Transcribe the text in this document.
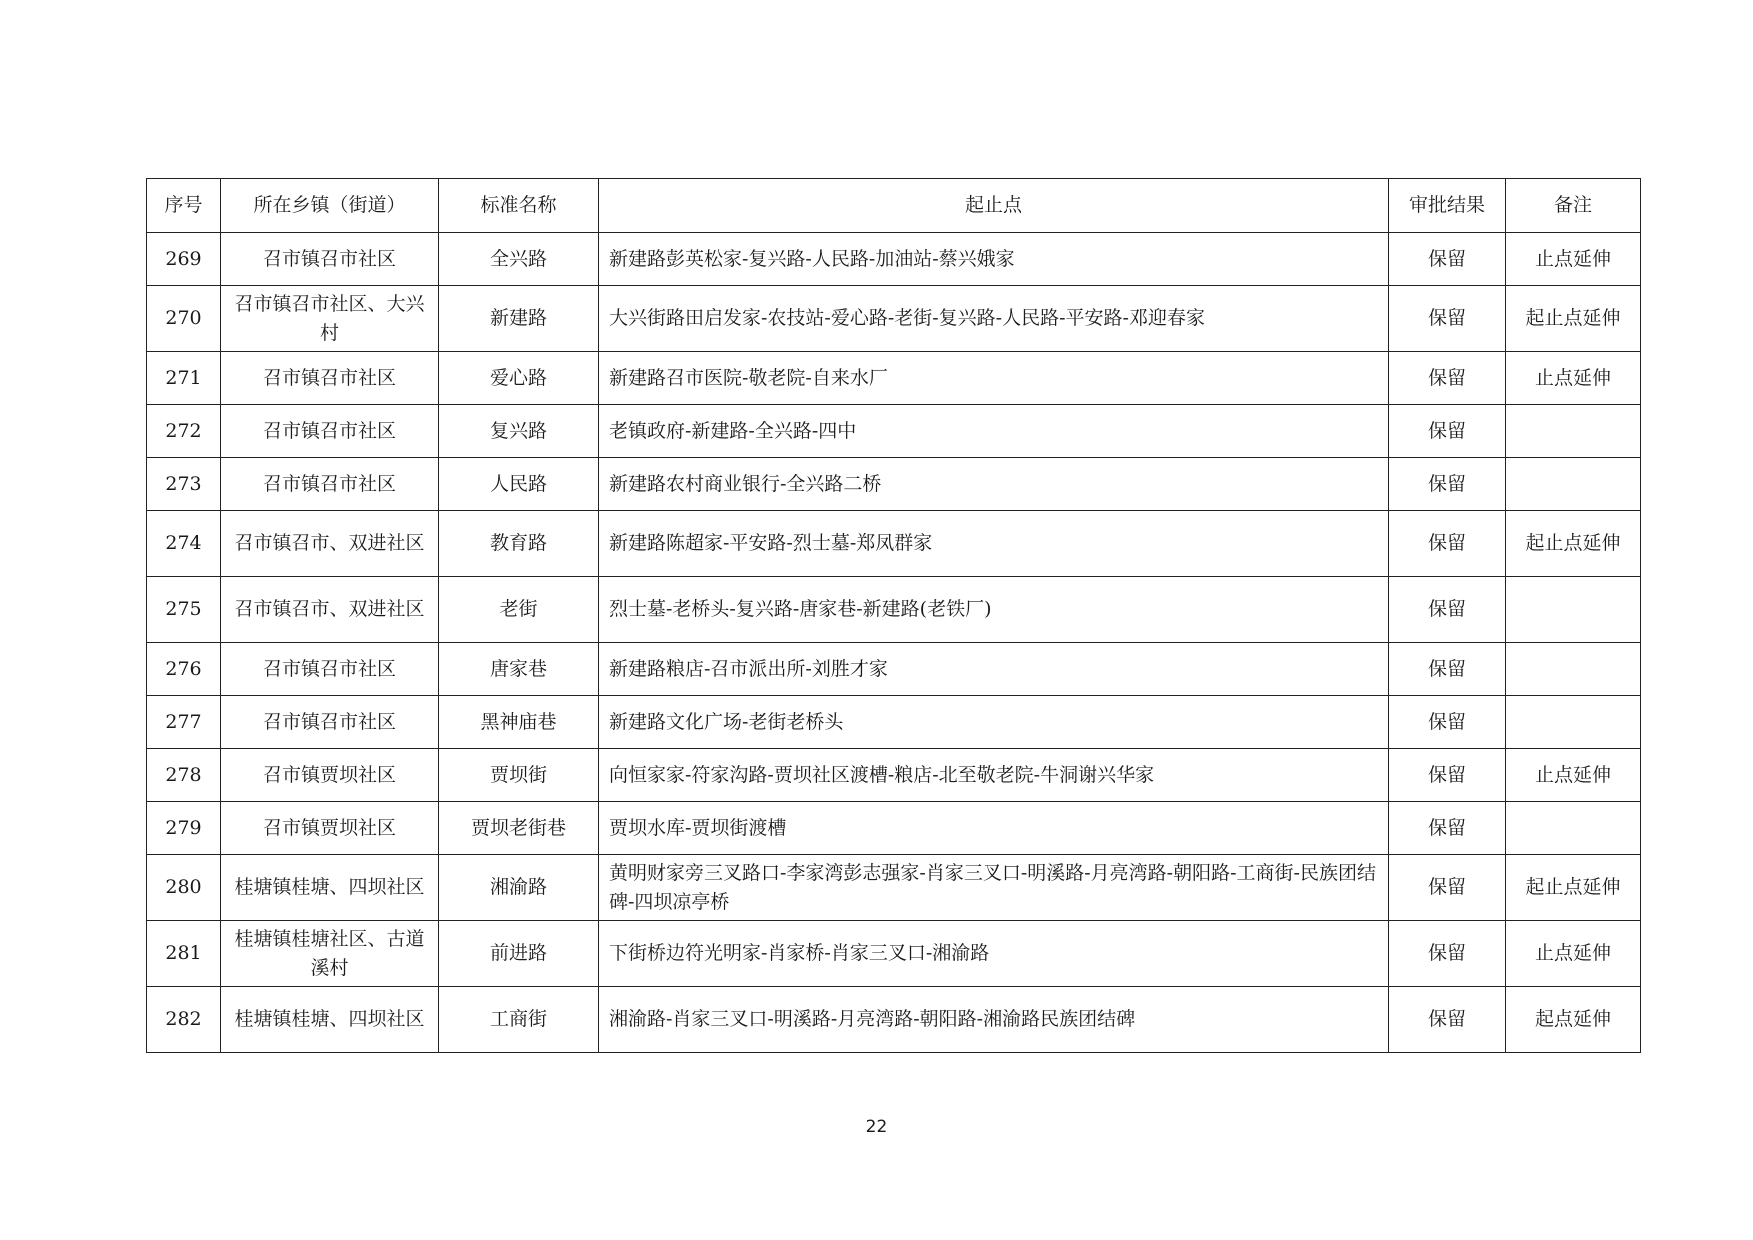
序号	所在乡镇（街道）	标准名称	起止点	审批结果	备注
269	召市镇召市社区	全兴路	新建路彭英松家-复兴路-人民路-加油站-蔡兴娥家	保留	止点延伸
270	召市镇召市社区、大兴村	新建路	大兴街路田启发家-农技站-爱心路-老街-复兴路-人民路-平安路-邓迎春家	保留	起止点延伸
271	召市镇召市社区	爱心路	新建路召市医院-敬老院-自来水厂	保留	止点延伸
272	召市镇召市社区	复兴路	老镇政府-新建路-全兴路-四中	保留	
273	召市镇召市社区	人民路	新建路农村商业银行-全兴路二桥	保留	
274	召市镇召市、双进社区	教育路	新建路陈超家-平安路-烈士墓-郑凤群家	保留	起止点延伸
275	召市镇召市、双进社区	老街	烈士墓-老桥头-复兴路-唐家巷-新建路(老铁厂)	保留	
276	召市镇召市社区	唐家巷	新建路粮店-召市派出所-刘胜才家	保留	
277	召市镇召市社区	黑神庙巷	新建路文化广场-老街老桥头	保留	
278	召市镇贾坝社区	贾坝街	向恒家家-符家沟路-贾坝社区渡槽-粮店-北至敬老院-牛洞谢兴华家	保留	止点延伸
279	召市镇贾坝社区	贾坝老街巷	贾坝水库-贾坝街渡槽	保留	
280	桂塘镇桂塘、四坝社区	湘渝路	黄明财家旁三叉路口-李家湾彭志强家-肖家三叉口-明溪路-月亮湾路-朝阳路-工商街-民族团结碑-四坝凉亭桥	保留	起止点延伸
281	桂塘镇桂塘社区、古道溪村	前进路	下街桥边符光明家-肖家桥-肖家三叉口-湘渝路	保留	止点延伸
282	桂塘镇桂塘、四坝社区	工商街	湘渝路-肖家三叉口-明溪路-月亮湾路-朝阳路-湘渝路民族团结碑	保留	起点延伸
22
